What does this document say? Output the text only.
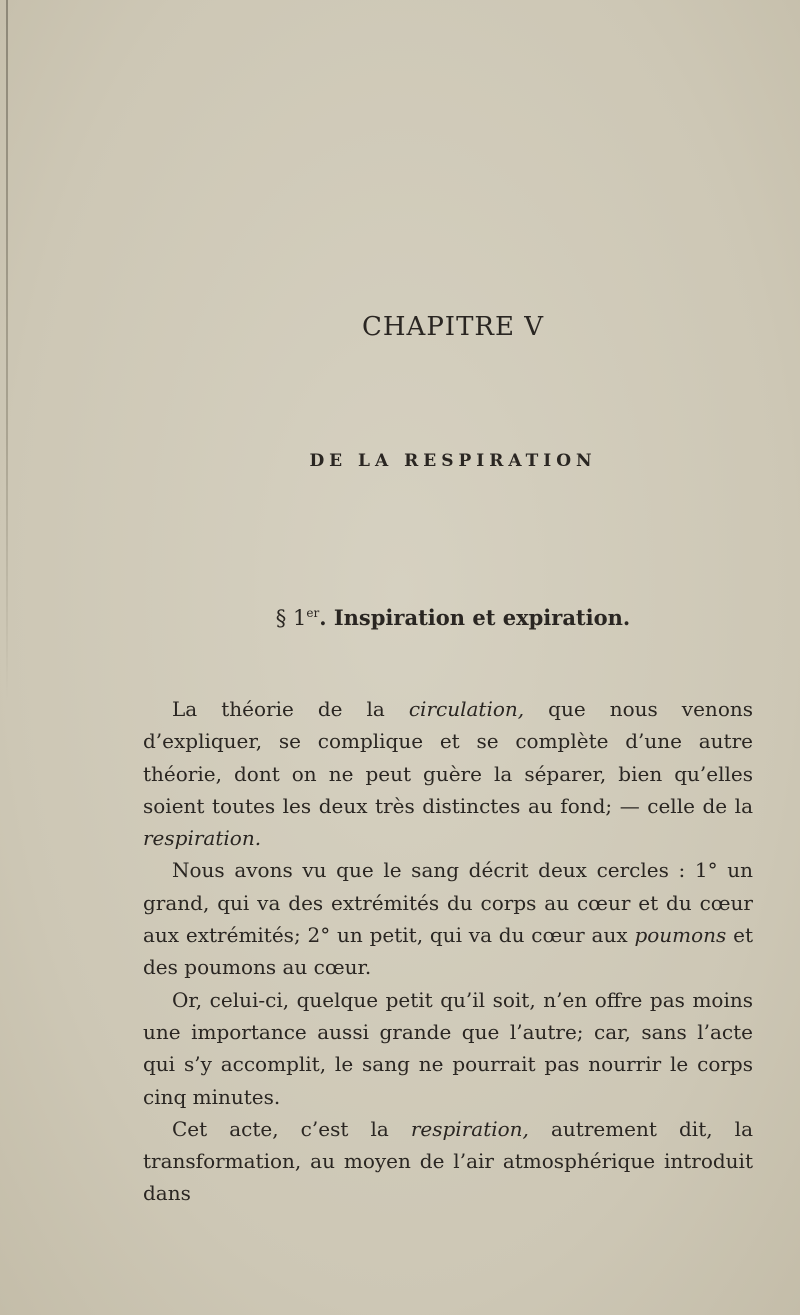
CHAPITRE V
DE LA RESPIRATION
§ 1er. Inspiration et expiration.

La théorie de la circulation, que nous venons d’expliquer, se complique et se complète d’une autre théorie, dont on ne peut guère la séparer, bien qu’elles soient toutes les deux très distinctes au fond; — celle de la respiration.

Nous avons vu que le sang décrit deux cercles : 1° un grand, qui va des extrémités du corps au cœur et du cœur aux extrémités; 2° un petit, qui va du cœur aux poumons et des poumons au cœur.

Or, celui-ci, quelque petit qu’il soit, n’en offre pas moins une importance aussi grande que l’autre; car, sans l’acte qui s’y accomplit, le sang ne pourrait pas nourrir le corps cinq minutes.

Cet acte, c’est la respiration, autrement dit, la transformation, au moyen de l’air atmosphérique introduit dans
